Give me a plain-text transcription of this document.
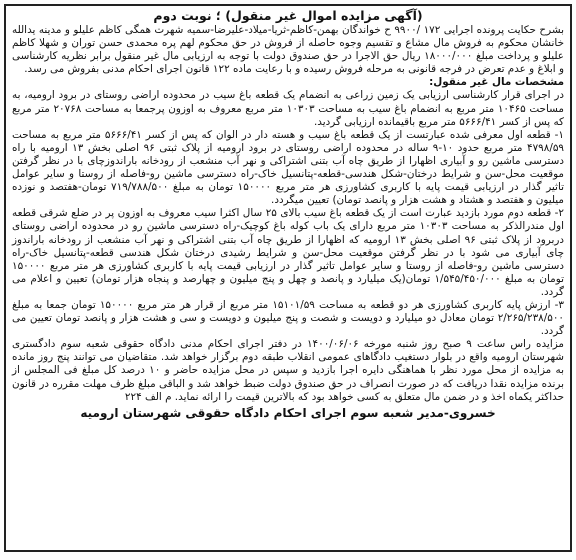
(آگهی مزایده اموال غیر منقول) ؛ نوبت دوم

بشرح حکایت پرونده اجرایی ۱۷۲ /۹۹۰۰ ح خواندگان بهمن-کاظم-ثریا-میلاد-علیرضا-سمیه شهرت همگی کاظم علیلو و مدینه یدالله خانشان محکوم به فروش مال مشاع و تقسیم وجوه حاصله از فروش در حق محکوم لهم پره محمدی حسن توران و شهلا کاظم علیلو و پرداخت مبلغ ۱۸۰۰۰/۰۰۰ ریال حق الاجرا در حق صندوق دولت با توجه به ارزیابی مال غیر منقول برابر نظریه کارشناسی و ابلاغ و عدم تعرض در فرجه قانونی به مرحله فروش رسیده و با رعایت ماده ۱۲۲ قانون اجرای احکام مدنی بفروش می رسد.

مشخصات مال غیر منقول:

در اجرای قرار کارشناسی ارزیابی یک زمین زراعی به انضمام یک قطعه باغ سیب در محدوده اراضی روستای در برود ارومیه، به مساحت ۱۰۴۶۵ متر مربع به انضمام باغ سیب به مساحت ۱۰۳۰۳ متر مربع معروف به اوزون پرجمعا به مساحت ۲۰۷۶۸ متر مربع که پس از کسر ۵۶۶۶/۴۱ متر مربع باقیمانده ارزیابی گردید.

۱- قطعه اول معرفی شده عبارتست از یک قطعه باغ سیب و هسته دار در الوان که پس از کسر ۵۶۶۶/۴۱ متر مربع به مساحت ۴۷۹۸/۵۹ متر مربع حدود ۱۰-۹ ساله در محدوده اراضی روستای در برود ارومیه از پلاک ثبتی ۹۶ اصلی بخش ۱۳ ارومیه با راه دسترسی ماشین رو و آبیاری اظهارا از طریق چاه آب بتنی اشتراکی و نهر آب منشعب از رودخانه باراندوزچای با در نظر گرفتن موقعیت محل-سن و شرایط درختان-شکل هندسی-قطعه-پتانسیل خاک-راه دسترسی ماشین رو-فاصله از روستا و سایر عوامل تاثیر گذار در ارزیابی قیمت پایه با کاربری کشاورزی هر متر مربع ۱۵۰۰۰۰ تومان به مبلغ ۷۱۹/۷۸۸/۵۰۰ تومان-هفتصد و نوزده میلیون و هفتصد و هشتاد و هشت هزار و پانصد تومان) تعیین میگردد.

۲- قطعه دوم مورد بازدید عبارت است از یک قطعه باغ سیب بالای ۲۵ سال اکثرا سیب معروف به اوزون پر در ضلع شرقی قطعه اول مندرالذکر به مساحت ۱۰۳۰۳ متر مربع دارای یک باب کوله باغ کوچیک-راه دسترسی ماشین رو در محدوده اراضی روستای دربرود از پلاک ثبتی ۹۶ اصلی بخش ۱۳ ارومیه که اظهارا از طریق چاه آب بتنی اشتراکی و نهر آب منشعب از رودخانه باراندوز چای آبیاری می شود با در نظر گرفتن موقعیت محل-سن و شرایط رشیدی درختان شکل هندسی قطعه-پتانسیل خاک-راه دسترسی ماشین رو-فاصله از روستا و سایر عوامل تاثیر گذار در ارزیابی قیمت پایه با کاربری کشاورزی هر متر مربع ۱۵۰۰۰۰ تومان به مبلغ ۱/۵۴۵/۴۵۰/۰۰۰ تومان(یک میلیارد و پانصد و چهل و پنج میلیون و چهارصد و پنجاه هزار تومان) تعیین و اعلام می گردد.

۳- ارزش پایه کاربری کشاورزی هر دو قطعه به مساحت ۱۵۱۰۱/۵۹ متر مربع از قرار هر متر مربع ۱۵۰۰۰۰ تومان جمعا به مبلغ ۲/۲۶۵/۲۳۸/۵۰۰ تومان معادل دو میلیارد و دویست و شصت و پنج میلیون و دویست و سی و هشت هزار و پانصد تومان تعیین می گردد.

مزایده راس ساعت ۹ صبح روز شنبه مورخه ۱۴۰۰/۰۶/۰۶ در دفتر اجرای احکام مدنی دادگاه حقوقی شعبه سوم دادگستری شهرستان ارومیه واقع در بلوار دستغیب دادگاهای عمومی انقلاب طبقه دوم برگزار خواهد شد. متقاضیان می توانند پنج روز مانده به مزایده از محل مورد نظر با هماهنگی دایره اجرا بازدید و سپس در محل مزایده حاضر و ۱۰ درصد کل مبلغ فی المجلس از برنده مزایده نقدا دریافت که در صورت انصراف در حق صندوق دولت ضبط خواهد شد و الباقی مبلغ ظرف مهلت مقرره در قانون حداکثر یکماه اخذ و در ضمن مال متعلق به کسی خواهد بود که بالاترین قیمت را ارائه نماید. م الف ۲۲۴

خسروی-مدیر شعبه سوم اجرای احکام دادگاه حقوقی شهرستان ارومیه
